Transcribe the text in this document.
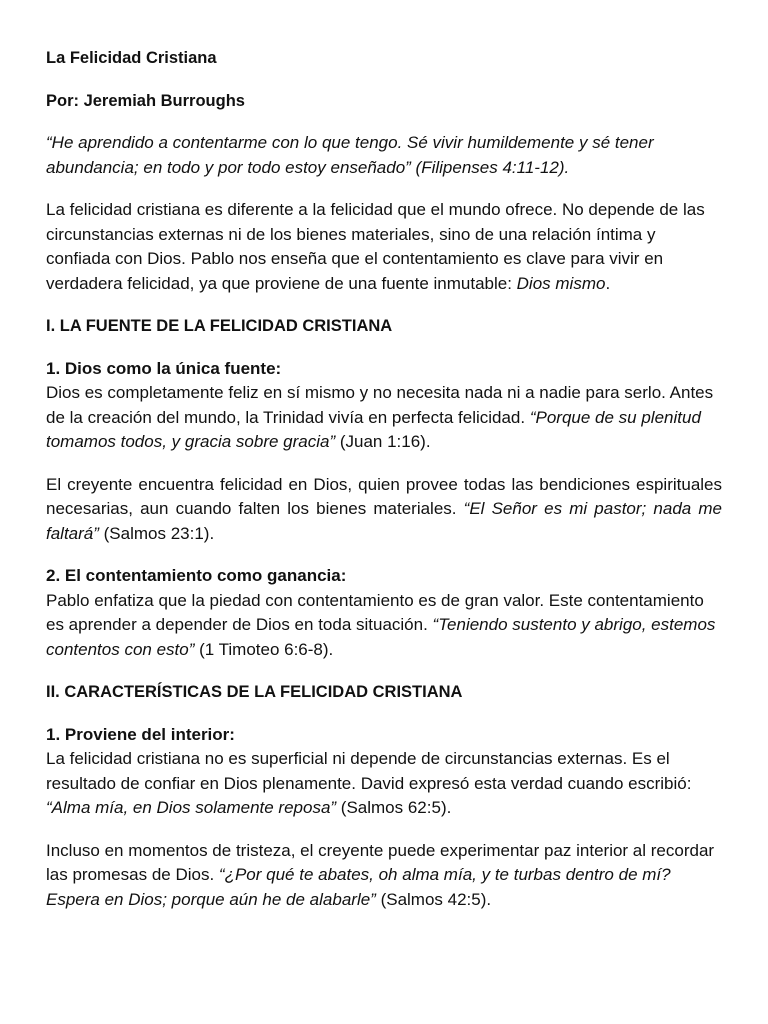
La Felicidad Cristiana

Por: Jeremiah Burroughs

“He aprendido a contentarme con lo que tengo. Sé vivir humildemente y sé tener abundancia; en todo y por todo estoy enseñado” (Filipenses 4:11-12).

La felicidad cristiana es diferente a la felicidad que el mundo ofrece. No depende de las circunstancias externas ni de los bienes materiales, sino de una relación íntima y confiada con Dios. Pablo nos enseña que el contentamiento es clave para vivir en verdadera felicidad, ya que proviene de una fuente inmutable: Dios mismo.

I. LA FUENTE DE LA FELICIDAD CRISTIANA

1. Dios como la única fuente:
Dios es completamente feliz en sí mismo y no necesita nada ni a nadie para serlo. Antes de la creación del mundo, la Trinidad vivía en perfecta felicidad. “Porque de su plenitud tomamos todos, y gracia sobre gracia” (Juan 1:16).

El creyente encuentra felicidad en Dios, quien provee todas las bendiciones espirituales necesarias, aun cuando falten los bienes materiales. “El Señor es mi pastor; nada me faltará” (Salmos 23:1).

2. El contentamiento como ganancia:
Pablo enfatiza que la piedad con contentamiento es de gran valor. Este contentamiento es aprender a depender de Dios en toda situación. “Teniendo sustento y abrigo, estemos contentos con esto” (1 Timoteo 6:6-8).

II. CARACTERÍSTICAS DE LA FELICIDAD CRISTIANA

1. Proviene del interior:
La felicidad cristiana no es superficial ni depende de circunstancias externas. Es el resultado de confiar en Dios plenamente. David expresó esta verdad cuando escribió: “Alma mía, en Dios solamente reposa” (Salmos 62:5).

Incluso en momentos de tristeza, el creyente puede experimentar paz interior al recordar las promesas de Dios. “¿Por qué te abates, oh alma mía, y te turbas dentro de mí? Espera en Dios; porque aún he de alabarle” (Salmos 42:5).
